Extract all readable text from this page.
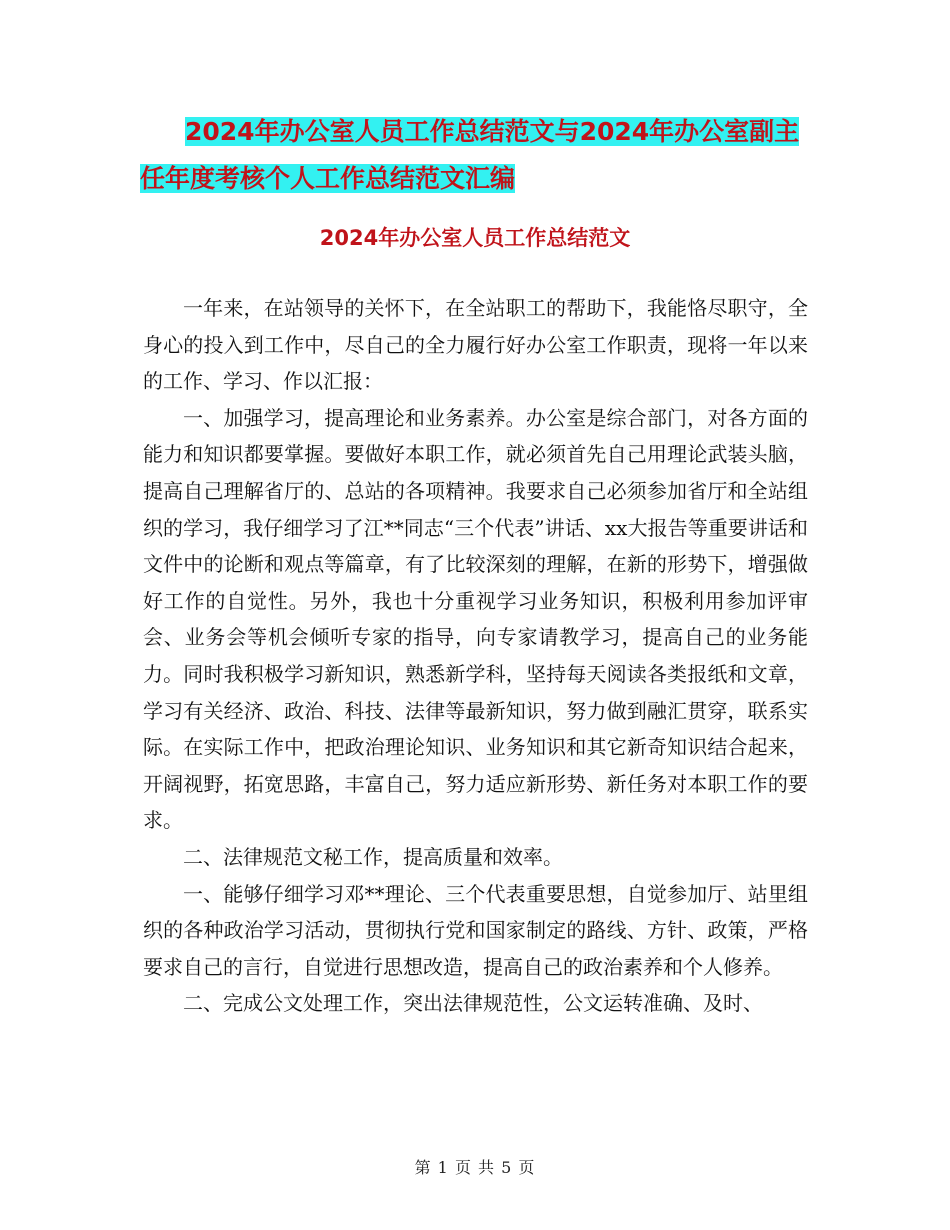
2024年办公室人员工作总结范文与2024年办公室副主
任年度考核个人工作总结范文汇编
2024年办公室人员工作总结范文

一年来，在站领导的关怀下，在全站职工的帮助下，我能恪尽职守，全身心的投入到工作中，尽自己的全力履行好办公室工作职责，现将一年以来的工作、学习、作以汇报：

一、加强学习，提高理论和业务素养。办公室是综合部门，对各方面的能力和知识都要掌握。要做好本职工作，就必须首先自己用理论武装头脑，提高自己理解省厅的、总站的各项精神。我要求自己必须参加省厅和全站组织的学习，我仔细学习了江**同志“三个代表”讲话、xx大报告等重要讲话和文件中的论断和观点等篇章，有了比较深刻的理解，在新的形势下，增强做好工作的自觉性。另外，我也十分重视学习业务知识，积极利用参加评审会、业务会等机会倾听专家的指导，向专家请教学习，提高自己的业务能力。同时我积极学习新知识，熟悉新学科，坚持每天阅读各类报纸和文章，学习有关经济、政治、科技、法律等最新知识，努力做到融汇贯穿，联系实际。在实际工作中，把政治理论知识、业务知识和其它新奇知识结合起来，开阔视野，拓宽思路，丰富自己，努力适应新形势、新任务对本职工作的要求。

二、法律规范文秘工作，提高质量和效率。

一、能够仔细学习邓**理论、三个代表重要思想，自觉参加厅、站里组织的各种政治学习活动，贯彻执行党和国家制定的路线、方针、政策，严格要求自己的言行，自觉进行思想改造，提高自己的政治素养和个人修养。

二、完成公文处理工作，突出法律规范性，公文运转准确、及时、

第 1 页 共 5 页
